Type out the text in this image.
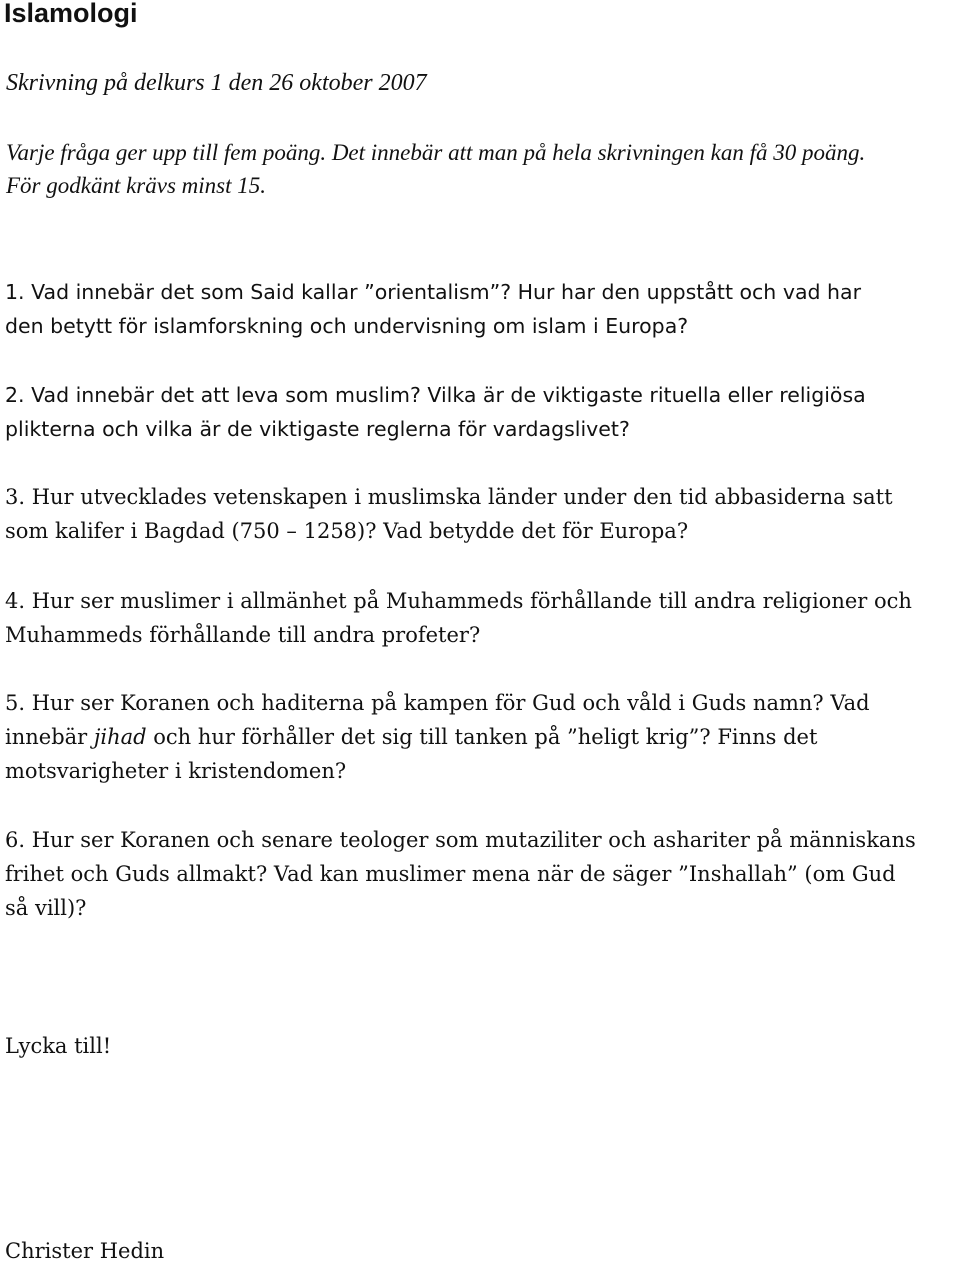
Islamologi

Skrivning på delkurs 1 den 26 oktober 2007

Varje fråga ger upp till fem poäng. Det innebär att man på hela skrivningen kan få 30 poäng.
För godkänt krävs minst 15.

1. Vad innebär det som Said kallar ”orientalism”? Hur har den uppstått och vad har
den betytt för islamforskning och undervisning om islam i Europa?

2. Vad innebär det att leva som muslim? Vilka är de viktigaste rituella eller religiösa
plikterna och vilka är de viktigaste reglerna för vardagslivet?

3. Hur utvecklades vetenskapen i muslimska länder under den tid abbasiderna satt
som kalifer i Bagdad (750 – 1258)? Vad betydde det för Europa?

4. Hur ser muslimer i allmänhet på Muhammeds förhållande till andra religioner och
Muhammeds förhållande till andra profeter?

5. Hur ser Koranen och haditerna på kampen för Gud och våld i Guds namn? Vad
innebär jihad och hur förhåller det sig till tanken på ”heligt krig”? Finns det
motsvarigheter i kristendomen?

6. Hur ser Koranen och senare teologer som mutaziliter och ashariter på människans
frihet och Guds allmakt? Vad kan muslimer mena när de säger ”Inshallah” (om Gud
så vill)?

Lycka till!

Christer Hedin
